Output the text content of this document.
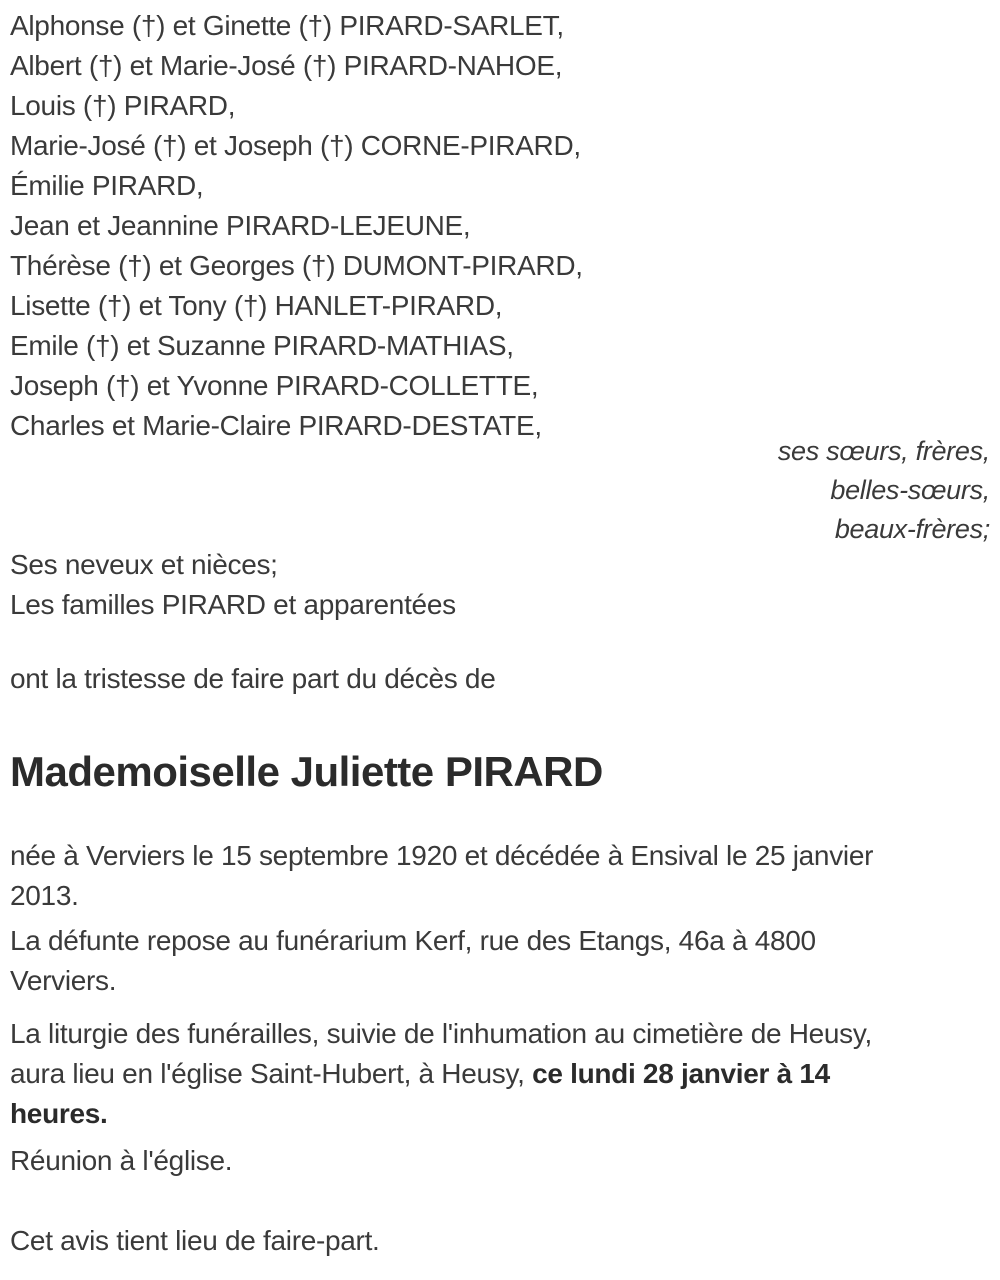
Alphonse (†) et Ginette (†) PIRARD-SARLET,
Albert (†) et Marie-José (†) PIRARD-NAHOE,
Louis (†) PIRARD,
Marie-José (†) et Joseph (†) CORNE-PIRARD,
Émilie PIRARD,
Jean et Jeannine PIRARD-LEJEUNE,
Thérèse (†) et Georges (†) DUMONT-PIRARD,
Lisette (†) et Tony (†) HANLET-PIRARD,
Emile (†) et Suzanne PIRARD-MATHIAS,
Joseph (†) et Yvonne PIRARD-COLLETTE,
Charles et Marie-Claire PIRARD-DESTATE,
ses sœurs, frères,
belles-sœurs,
beaux-frères;
Ses neveux et nièces;
Les familles PIRARD et apparentées
ont la tristesse de faire part du décès de
Mademoiselle Juliette PIRARD

née à Verviers le 15 septembre 1920 et décédée à Ensival le 25 janvier
2013.

La défunte repose au funérarium Kerf, rue des Etangs, 46a à 4800
Verviers.

La liturgie des funérailles, suivie de l'inhumation au cimetière de Heusy,
aura lieu en l'église Saint-Hubert, à Heusy, ce lundi 28 janvier à 14
heures.

Réunion à l'église.

Cet avis tient lieu de faire-part.
